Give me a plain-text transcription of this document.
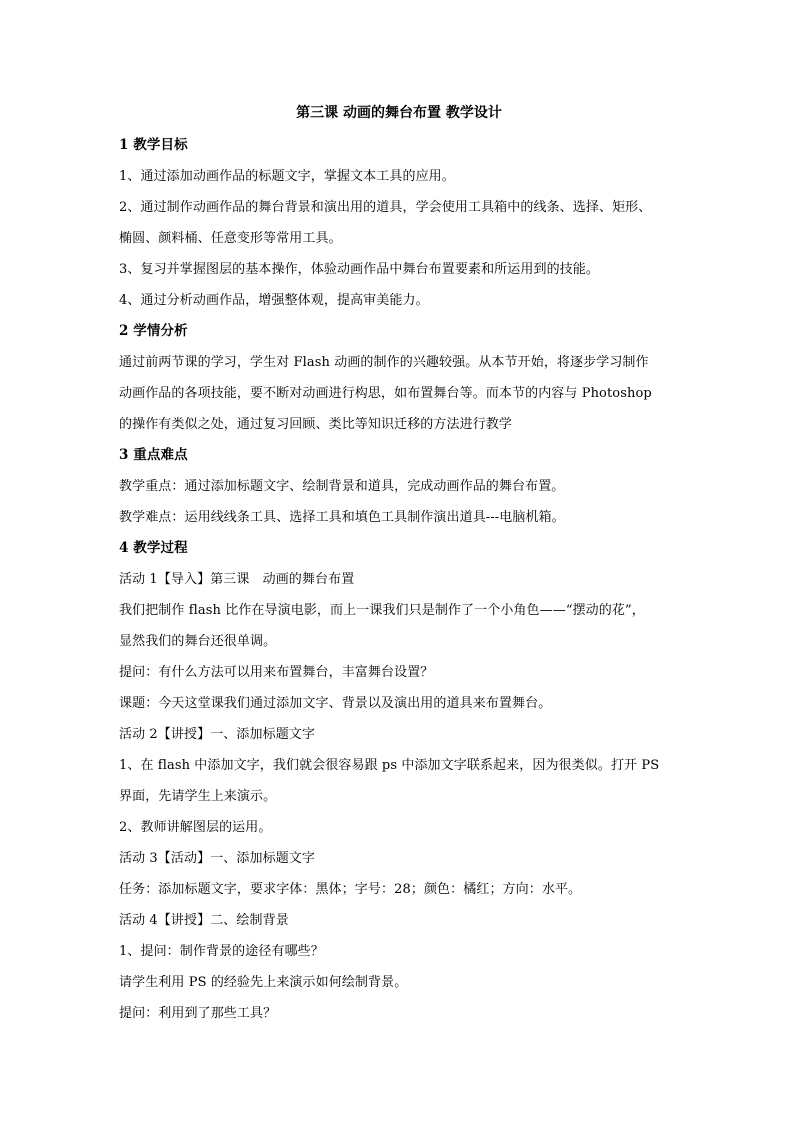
第三课 动画的舞台布置 教学设计

1 教学目标

1、通过添加动画作品的标题文字，掌握文本工具的应用。

2、通过制作动画作品的舞台背景和演出用的道具，学会使用工具箱中的线条、选择、矩形、

椭圆、颜料桶、任意变形等常用工具。

3、复习并掌握图层的基本操作，体验动画作品中舞台布置要素和所运用到的技能。

4、通过分析动画作品，增强整体观，提高审美能力。

2 学情分析

通过前两节课的学习，学生对 Flash 动画的制作的兴趣较强。从本节开始，将逐步学习制作

动画作品的各项技能，要不断对动画进行构思，如布置舞台等。而本节的内容与 Photoshop

的操作有类似之处，通过复习回顾、类比等知识迁移的方法进行教学

3 重点难点

教学重点：通过添加标题文字、绘制背景和道具，完成动画作品的舞台布置。

教学难点：运用线线条工具、选择工具和填色工具制作演出道具---电脑机箱。

4 教学过程

活动 1【导入】第三课　动画的舞台布置

我们把制作 flash 比作在导演电影，而上一课我们只是制作了一个小角色——“摆动的花”，

显然我们的舞台还很单调。

提问：有什么方法可以用来布置舞台，丰富舞台设置？

课题：今天这堂课我们通过添加文字、背景以及演出用的道具来布置舞台。

活动 2【讲授】一、添加标题文字

1、在 flash 中添加文字，我们就会很容易跟 ps 中添加文字联系起来，因为很类似。打开 PS

界面，先请学生上来演示。

2、教师讲解图层的运用。

活动 3【活动】一、添加标题文字

任务：添加标题文字，要求字体：黑体；字号：28；颜色：橘红；方向：水平。

活动 4【讲授】二、绘制背景

1、提问：制作背景的途径有哪些？

请学生利用 PS 的经验先上来演示如何绘制背景。

提问：利用到了那些工具？
